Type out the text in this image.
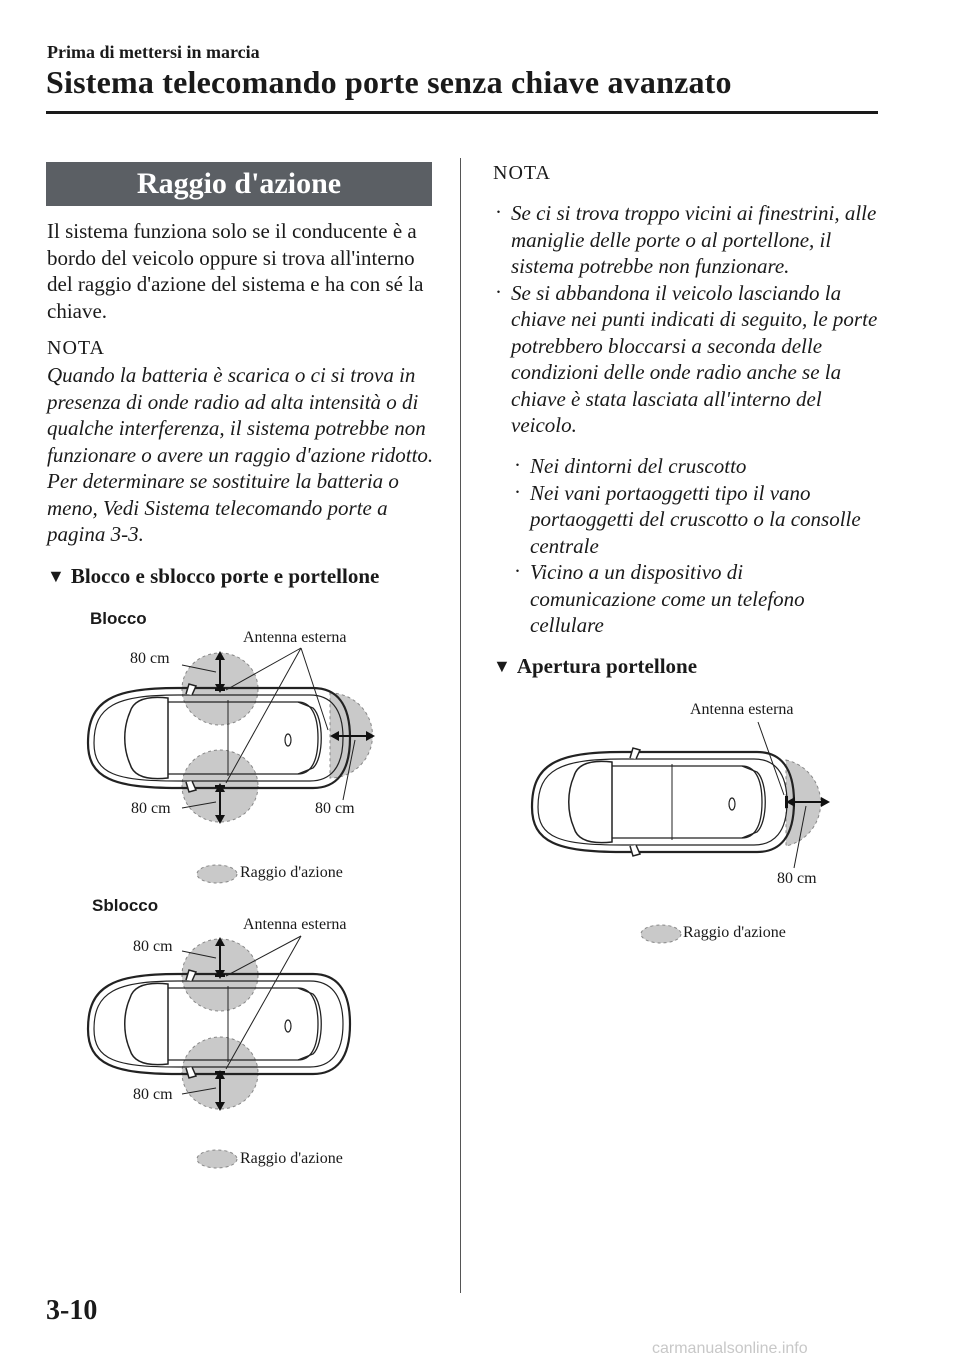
Prima di mettersi in marcia
Sistema telecomando porte senza chiave avanzato
Raggio d'azione
Il sistema funziona solo se il conducente è a bordo del veicolo oppure si trova all'interno del raggio d'azione del sistema e ha con sé la chiave.
NOTA
Quando la batteria è scarica o ci si trova in presenza di onde radio ad alta intensità o di qualche interferenza, il sistema potrebbe non funzionare o avere un raggio d'azione ridotto. Per determinare se sostituire la batteria o meno, Vedi Sistema telecomando porte a pagina 3-3.
▼ Blocco e sblocco porte e portellone
Blocco
Antenna esterna
80 cm
80 cm	80 cm
Raggio d'azione
Sblocco
Antenna esterna
80 cm
80 cm
Raggio d'azione
NOTA
· Se ci si trova troppo vicini ai finestrini, alle maniglie delle porte o al portellone, il sistema potrebbe non funzionare.
· Se si abbandona il veicolo lasciando la chiave nei punti indicati di seguito, le porte potrebbero bloccarsi a seconda delle condizioni delle onde radio anche se la chiave è stata lasciata all'interno del veicolo.
· Nei dintorni del cruscotto
· Nei vani portaoggetti tipo il vano portaoggetti del cruscotto o la consolle centrale
· Vicino a un dispositivo di comunicazione come un telefono cellulare
▼ Apertura portellone
Antenna esterna
80 cm
Raggio d'azione
3-10
carmanualsonline.info
